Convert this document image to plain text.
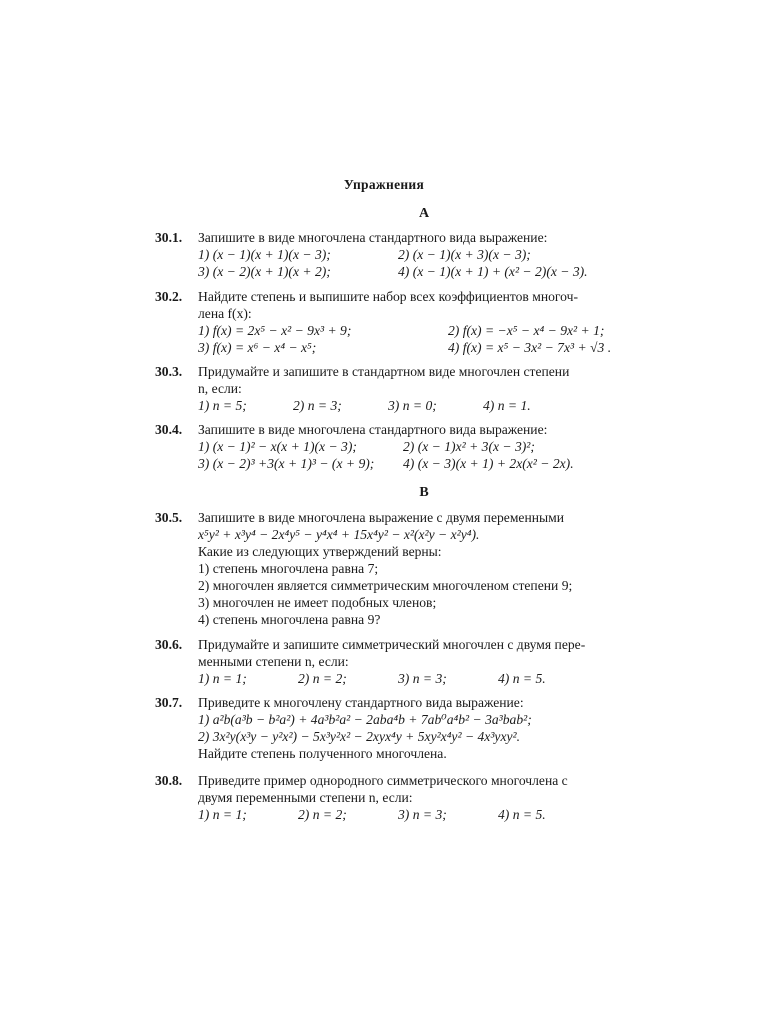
Упражнения
А
30.1.	Запишите в виде многочлена стандартного вида выражение:
1) (x − 1)(x + 1)(x − 3);	2) (x − 1)(x + 3)(x − 3);
3) (x − 2)(x + 1)(x + 2);	4) (x − 1)(x + 1) + (x² − 2)(x − 3).
30.2.	Найдите степень и выпишите набор всех коэффициентов многоч-
лена f(x):
1) f(x) = 2x⁵ − x² − 9x³ + 9;	2) f(x) = −x⁵ − x⁴ − 9x² + 1;
3) f(x) = x⁶ − x⁴ − x⁵;	4) f(x) = x⁵ − 3x² − 7x³ + √3 .
30.3.	Придумайте и запишите в стандартном виде многочлен степени
n, если:
1) n = 5;	2) n = 3;	3) n = 0;	4) n = 1.
30.4.	Запишите в виде многочлена стандартного вида выражение:
1) (x − 1)² − x(x + 1)(x − 3);	2) (x − 1)x² + 3(x − 3)²;
3) (x − 2)³ +3(x + 1)³ − (x + 9);	4) (x − 3)(x + 1) + 2x(x² − 2x).
В
30.5.	Запишите в виде многочлена выражение с двумя переменными
x⁵y² + x³y⁴ − 2x⁴y⁵ − y⁴x⁴ + 15x⁴y² − x²(x²y − x²y⁴).
Какие из следующих утверждений верны:
1) степень многочлена равна 7;
2) многочлен является симметрическим многочленом степени 9;
3) многочлен не имеет подобных членов;
4) степень многочлена равна 9?
30.6.	Придумайте и запишите симметрический многочлен с двумя пере-
менными степени n, если:
1) n = 1;	2) n = 2;	3) n = 3;	4) n = 5.
30.7.	Приведите к многочлену стандартного вида выражение:
1) a²b(a³b − b²a²) + 4a³b²a² − 2aba⁴b + 7ab⁰a⁴b² − 3a³bab²;
2) 3x²y(x³y − y²x²) − 5x³y²x² − 2xyx⁴y + 5xy²x⁴y² − 4x³yxy².
Найдите степень полученного многочлена.
30.8.	Приведите пример однородного симметрического многочлена с
двумя переменными степени n, если:
1) n = 1;	2) n = 2;	3) n = 3;	4) n = 5.
